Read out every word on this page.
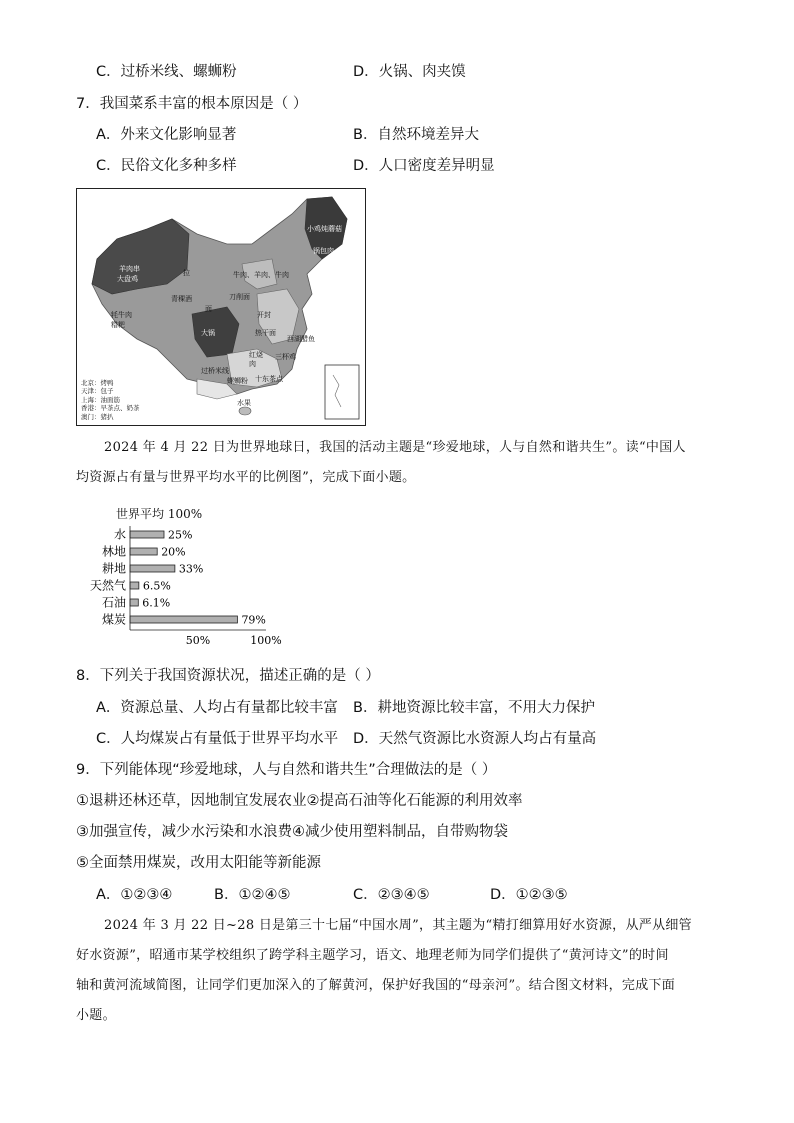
C．过桥米线、螺蛳粉	D．火锅、肉夹馍
7．我国菜系丰富的根本原因是（ ）
A．外来文化影响显著	B．自然环境差异大
C．民俗文化多种多样	D．人口密度差异明显
羊肉串
大盘鸡
小鸡炖蘑菇
锅包肉
拉	牛肉、羊肉、牛肉
面
青稞酒
牦牛肉
糌粑
大锅
刀削面
开封
热干面
西湖醋鱼
红烧
肉
三杯鸡
过桥米线
螺蛳粉 十东茶点
水果
北京：烤鸭
天津：包子
上海：油面筋
香港：早茶点、奶茶
澳门：猪扒
2024 年 4 月 22 日为世界地球日，我国的活动主题是“珍爱地球，人与自然和谐共生”。读“中国人
均资源占有量与世界平均水平的比例图”，完成下面小题。
世界平均 100%
水	25%
林地	20%
耕地	33%
天然气 6.5%
石油 6.1%
煤炭	79%
50%	100%
8．下列关于我国资源状况，描述正确的是（ ）
A．资源总量、人均占有量都比较丰富 B．耕地资源比较丰富，不用大力保护
C．人均煤炭占有量低于世界平均水平 D．天然气资源比水资源人均占有量高
9．下列能体现“珍爱地球，人与自然和谐共生”合理做法的是（ ）
①退耕还林还草，因地制宜发展农业②提高石油等化石能源的利用效率
③加强宣传，减少水污染和水浪费④减少使用塑料制品，自带购物袋
⑤全面禁用煤炭，改用太阳能等新能源
A．①②③④	B．①②④⑤	C．②③④⑤	D．①②③⑤
2024 年 3 月 22 日~28 日是第三十七届“中国水周”，其主题为“精打细算用好水资源，从严从细管
好水资源”，昭通市某学校组织了跨学科主题学习，语文、地理老师为同学们提供了“黄河诗文”的时间
轴和黄河流域简图，让同学们更加深入的了解黄河，保护好我国的“母亲河”。结合图文材料，完成下面
小题。
